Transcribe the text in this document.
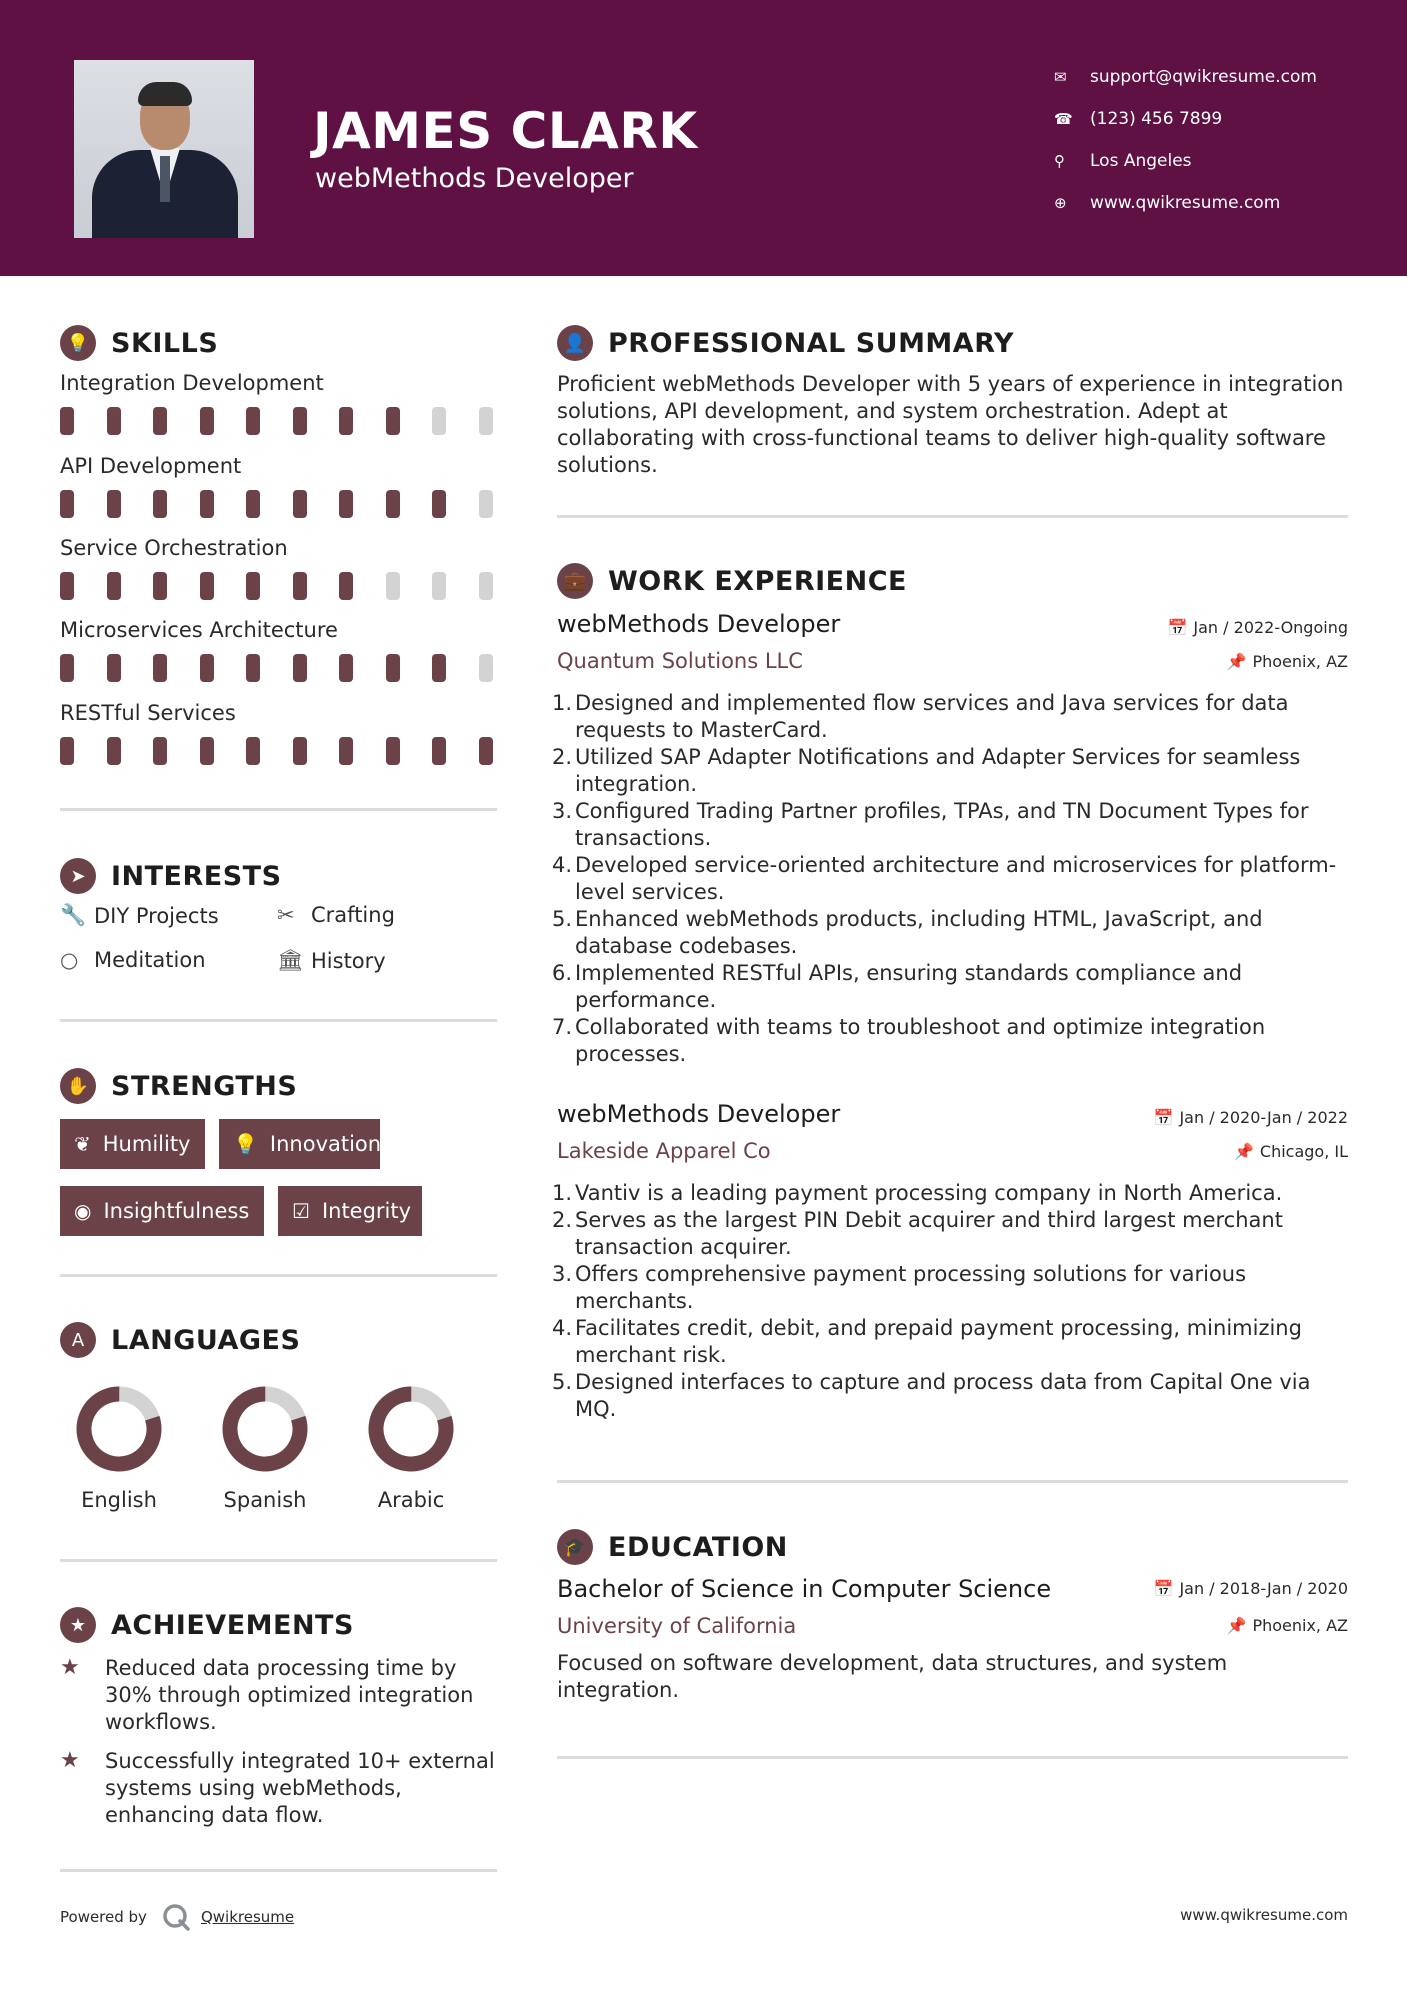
JAMES CLARK
webMethods Developer
✉	support@qwikresume.com
☎	(123) 456 7899
⚲	Los Angeles
⊕	www.qwikresume.com
💡 SKILLS
Integration Development
API Development
Service Orchestration
Microservices Architecture
RESTful Services
➤ INTERESTS
🔧 DIY Projects	✂ Crafting
○ Meditation	🏛 History
✋ STRENGTHS
❦ Humility 💡 Innovation
◉ Insightfulness ☑ Integrity
A LANGUAGES
English	Spanish	Arabic
★ ACHIEVEMENTS
★	Reduced data processing time by 30% through optimized integration workflows.
★	Successfully integrated 10+ external systems using webMethods, enhancing data flow.
👤 PROFESSIONAL SUMMARY
Proficient webMethods Developer with 5 years of experience in integration solutions, API development, and system orchestration. Adept at collaborating with cross-functional teams to deliver high-quality software solutions.
💼 WORK EXPERIENCE
webMethods Developer	📅 Jan / 2022-Ongoing
Quantum Solutions LLC	📌 Phoenix, AZ
1. Designed and implemented flow services and Java services for data requests to MasterCard.
2. Utilized SAP Adapter Notifications and Adapter Services for seamless integration.
3. Configured Trading Partner profiles, TPAs, and TN Document Types for transactions.
4. Developed service-oriented architecture and microservices for platform-level services.
5. Enhanced webMethods products, including HTML, JavaScript, and database codebases.
6. Implemented RESTful APIs, ensuring standards compliance and performance.
7. Collaborated with teams to troubleshoot and optimize integration processes.
webMethods Developer	📅 Jan / 2020-Jan / 2022
Lakeside Apparel Co	📌 Chicago, IL
1. Vantiv is a leading payment processing company in North America.
2. Serves as the largest PIN Debit acquirer and third largest merchant transaction acquirer.
3. Offers comprehensive payment processing solutions for various merchants.
4. Facilitates credit, debit, and prepaid payment processing, minimizing merchant risk.
5. Designed interfaces to capture and process data from Capital One via MQ.
🎓 EDUCATION
Bachelor of Science in Computer Science	📅 Jan / 2018-Jan / 2020
University of California	📌 Phoenix, AZ
Focused on software development, data structures, and system integration.
Powered by	Qwikresume	www.qwikresume.com
